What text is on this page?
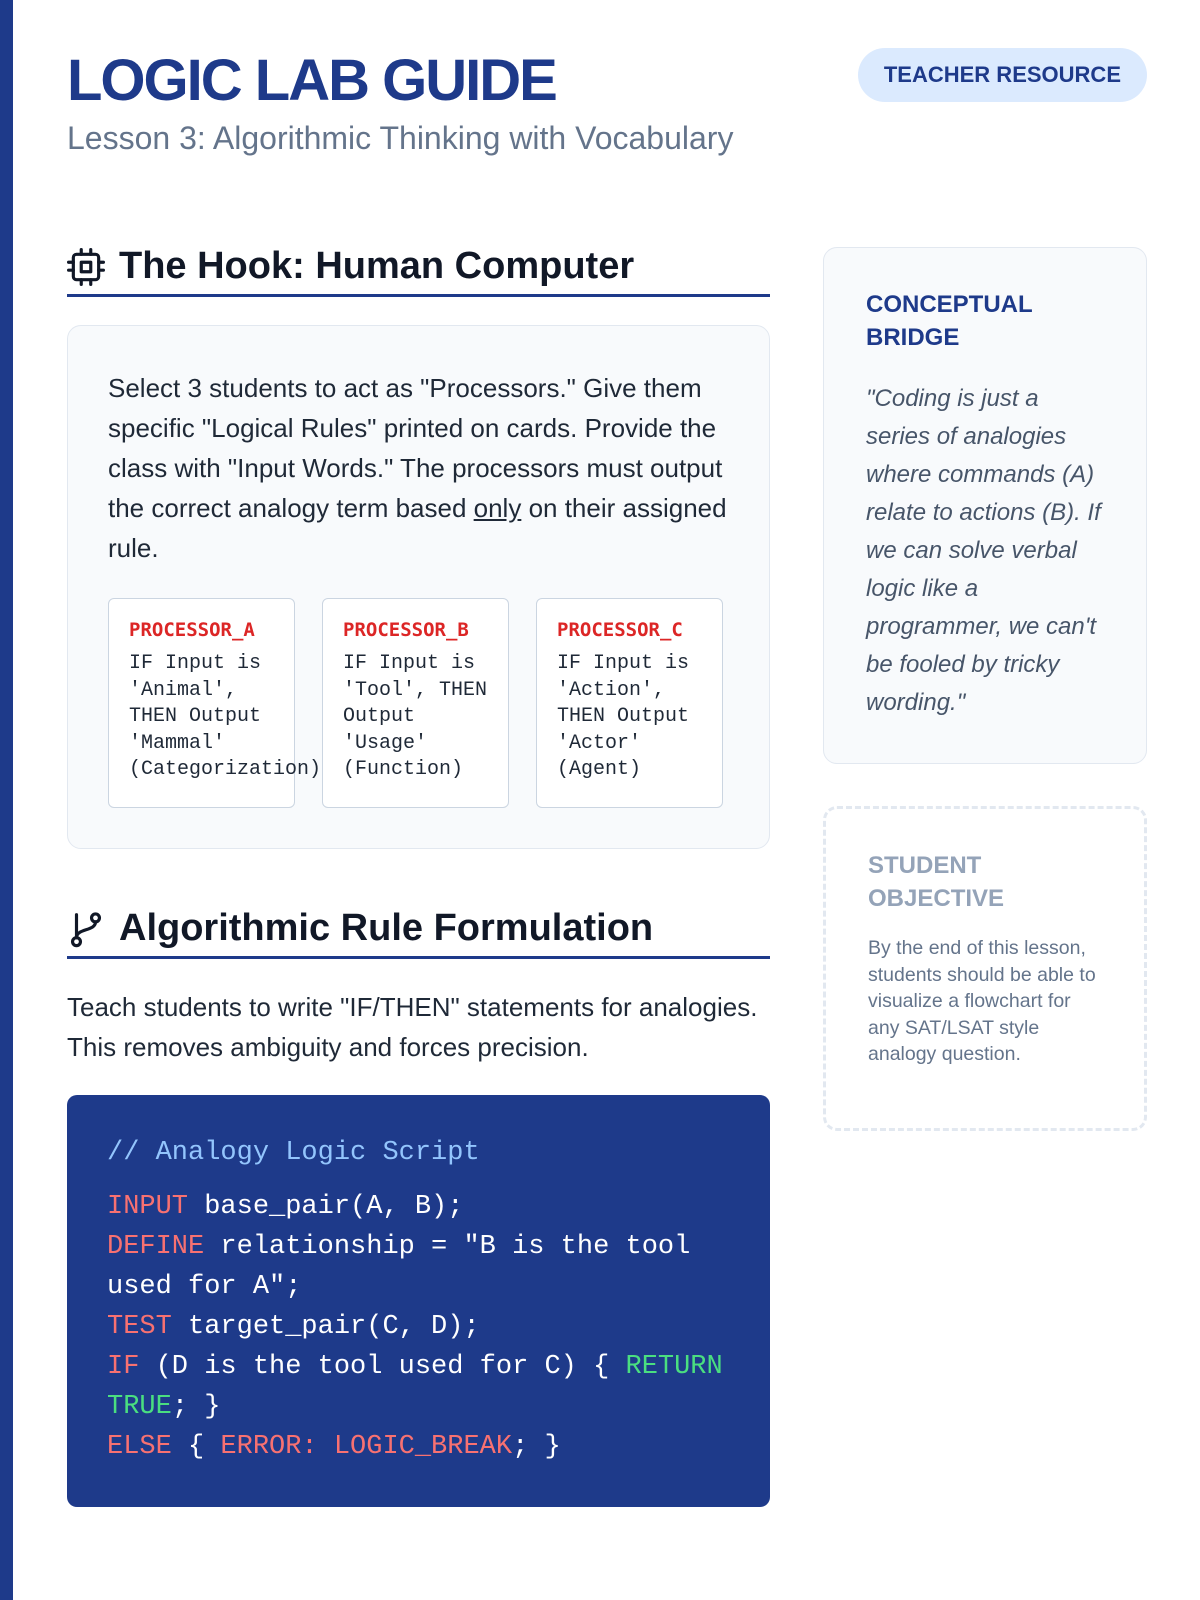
LOGIC LAB GUIDE
Lesson 3: Algorithmic Thinking with Vocabulary
TEACHER RESOURCE
The Hook: Human Computer

Select 3 students to act as "Processors." Give them specific "Logical Rules" printed on cards. Provide the class with "Input Words." The processors must output the correct analogy term based only on their assigned rule.

PROCESSOR_A
IF Input is
'Animal',
THEN Output
'Mammal'
(Categorization)
PROCESSOR_B
IF Input is
'Tool', THEN
Output
'Usage'
(Function)
PROCESSOR_C
IF Input is
'Action',
THEN Output
'Actor'
(Agent)
Algorithmic Rule Formulation

Teach students to write "IF/THEN" statements for analogies. This removes ambiguity and forces precision.

// Analogy Logic Script
INPUT base_pair(A, B);
DEFINE relationship = "B is the tool used for A";
TEST target_pair(C, D);
IF (D is the tool used for C) { RETURN TRUE; }
ELSE { ERROR: LOGIC_BREAK; }
CONCEPTUAL BRIDGE

"Coding is just a series of analogies where commands (A) relate to actions (B). If we can solve verbal logic like a programmer, we can't be fooled by tricky wording."

STUDENT OBJECTIVE

By the end of this lesson, students should be able to visualize a flowchart for any SAT/LSAT style analogy question.
